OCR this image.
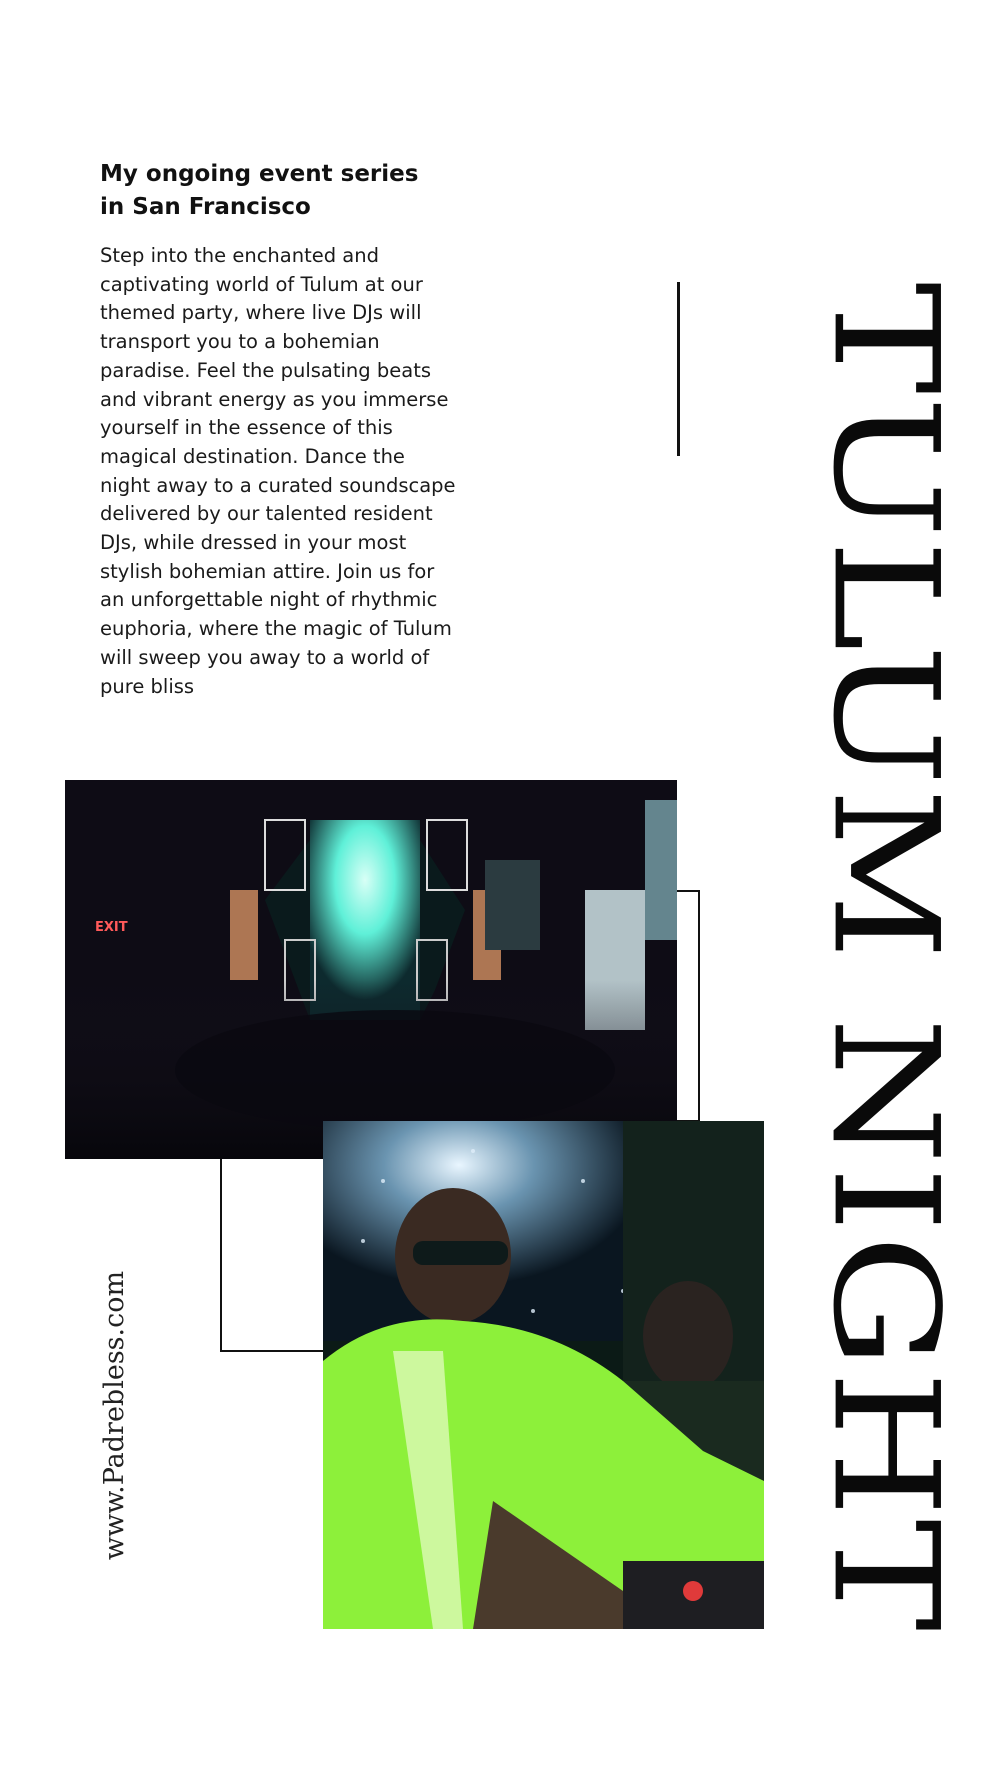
My ongoing event series
in San Francisco

Step into the enchanted and captivating world of Tulum at our themed party, where live DJs will transport you to a bohemian paradise. Feel the pulsating beats and vibrant energy as you immerse yourself in the essence of this magical destination. Dance the night away to a curated soundscape delivered by our talented resident DJs, while dressed in your most stylish bohemian attire. Join us for an unforgettable night of rhythmic euphoria, where the magic of Tulum will sweep you away to a world of pure bliss

EXIT	TULUM NIGHT
www.Padrebless.com
